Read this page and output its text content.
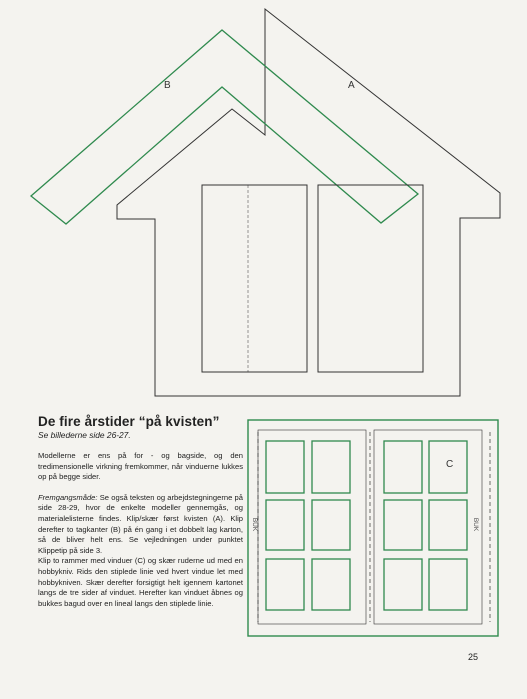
B	A
C
BUK	BUK

De fire årstider “på kvisten”

Se billederne side 26-27.

Modellerne er ens på for - og bagside, og den tredimensionelle virkning fremkommer, når vinduerne lukkes op på begge sider.

Fremgangsmåde: Se også teksten og arbejdstegningerne på side 28-29, hvor de enkelte modeller gennemgås, og materialelisterne findes. Klip/skær først kvisten (A). Klip derefter to tagkanter (B) på én gang i et dobbelt lag karton, så de bliver helt ens. Se vejledningen under punktet Klippetip på side 3.

Klip to rammer med vinduer (C) og skær ruderne ud med en hobbykniv. Rids den stiplede linie ved hvert vindue let med hobbykniven. Skær derefter forsigtigt helt igennem kartonet langs de tre sider af vinduet. Herefter kan vinduet åbnes og bukkes bagud over en lineal langs den stiplede linie.

25
